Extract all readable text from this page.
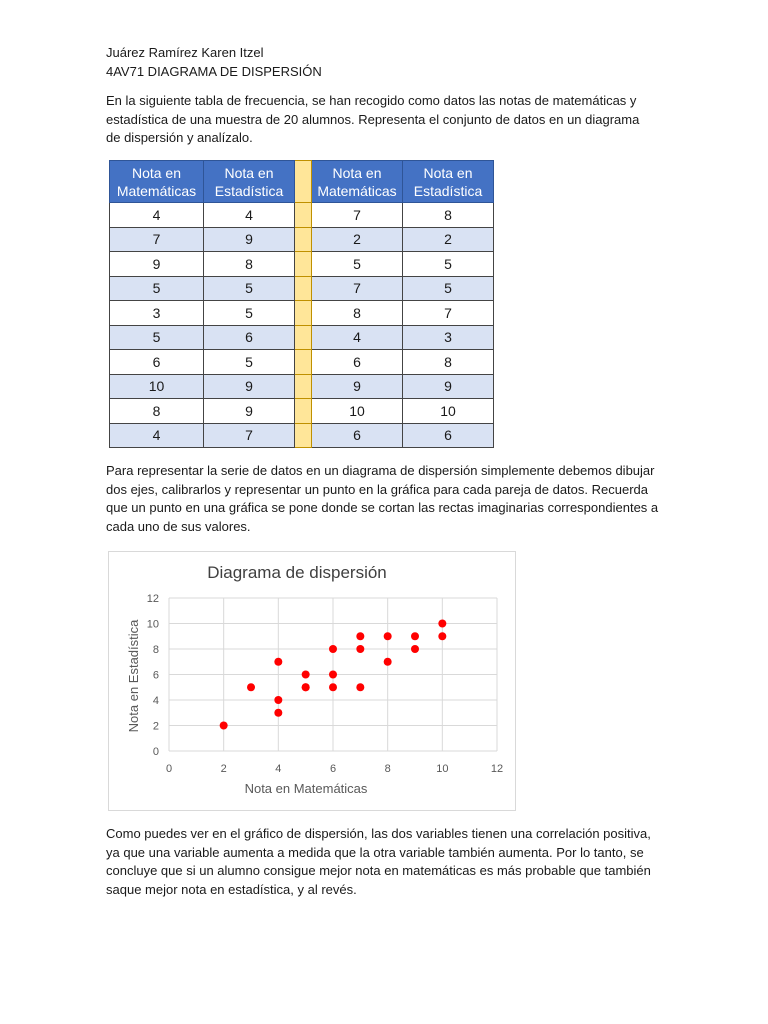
Juárez Ramírez Karen Itzel

4AV71 DIAGRAMA DE DISPERSIÓN

En la siguiente tabla de frecuencia, se han recogido como datos las notas de matemáticas y estadística de una muestra de 20 alumnos. Representa el conjunto de datos en un diagrama de dispersión y analízalo.

Nota en Matemáticas	Nota en Estadística		Nota en Matemáticas	Nota en Estadística
4	4		7	8
7	9		2	2
9	8		5	5
5	5		7	5
3	5		8	7
5	6		4	3
6	5		6	8
10	9		9	9
8	9		10	10
4	7		6	6

Para representar la serie de datos en un diagrama de dispersión simplemente debemos dibujar dos ejes, calibrarlos y representar un punto en la gráfica para cada pareja de datos. Recuerda que un punto en una gráfica se pone donde se cortan las rectas imaginarias correspondientes a cada uno de sus valores.

Diagrama de dispersión
0	2	4	6	8	10	12
0
2
4
6
8
10
12
Nota en Matemáticas
Nota en Estadística

Como puedes ver en el gráfico de dispersión, las dos variables tienen una correlación positiva, ya que una variable aumenta a medida que la otra variable también aumenta. Por lo tanto, se concluye que si un alumno consigue mejor nota en matemáticas es más probable que también saque mejor nota en estadística, y al revés.
